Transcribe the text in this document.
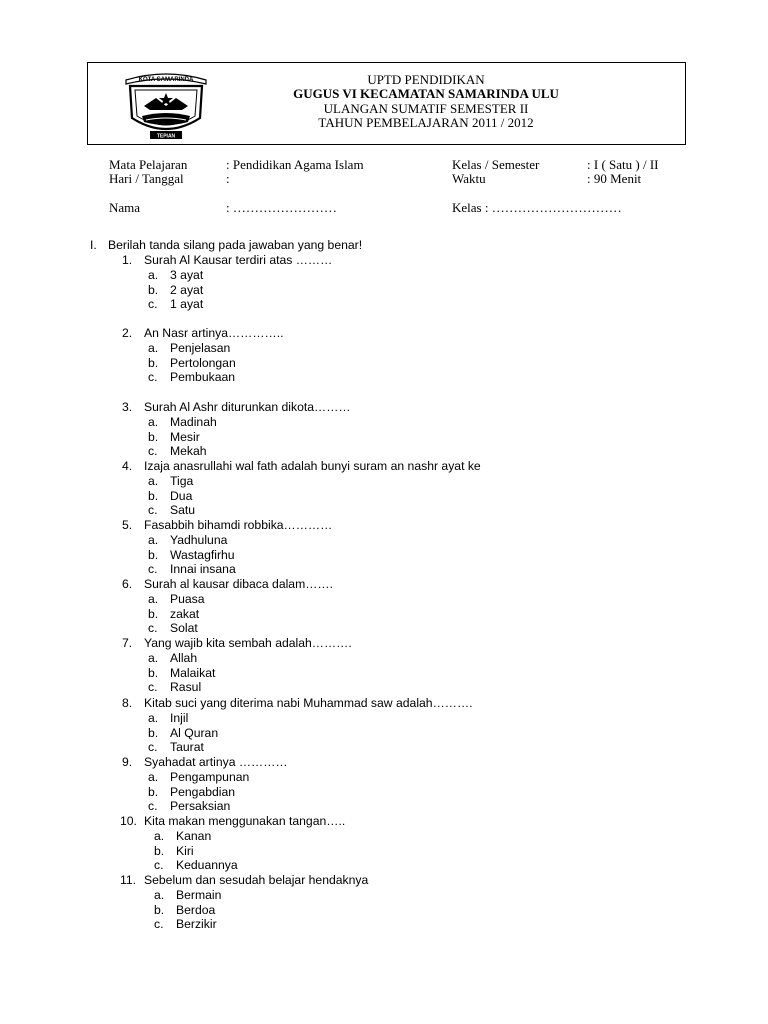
KOTA SAMARINDA
TEPIAN
UPTD PENDIDIKAN
GUGUS VI KECAMATAN SAMARINDA ULU
ULANGAN SUMATIF SEMESTER II
TAHUN PEMBELAJARAN 2011 / 2012
Mata Pelajaran	: Pendidikan Agama Islam	Kelas / Semester	: I ( Satu ) / II
Hari / Tanggal	:	Waktu	: 90 Menit
Nama	: ……………………	Kelas : …………………………
I. Berilah tanda silang pada jawaban yang benar!
1. Surah Al Kausar terdiri atas ………
a. 3 ayat
b. 2 ayat
c. 1 ayat
2. An Nasr artinya…………..
a. Penjelasan
b. Pertolongan
c. Pembukaan
3. Surah Al Ashr diturunkan dikota………
a. Madinah
b. Mesir
c. Mekah
4. Izaja anasrullahi wal fath adalah bunyi suram an nashr ayat ke
a. Tiga
b. Dua
c. Satu
5. Fasabbih bihamdi robbika…………
a. Yadhuluna
b. Wastagfirhu
c. Innai insana
6. Surah al kausar dibaca dalam…….
a. Puasa
b. zakat
c. Solat
7. Yang wajib kita sembah adalah……….
a. Allah
b. Malaikat
c. Rasul
8. Kitab suci yang diterima nabi Muhammad saw adalah……….
a. Injil
b. Al Quran
c. Taurat
9. Syahadat artinya …………
a. Pengampunan
b. Pengabdian
c. Persaksian
10. Kita makan menggunakan tangan…..
a. Kanan
b. Kiri
c. Keduannya
11. Sebelum dan sesudah belajar hendaknya
a. Bermain
b. Berdoa
c. Berzikir
